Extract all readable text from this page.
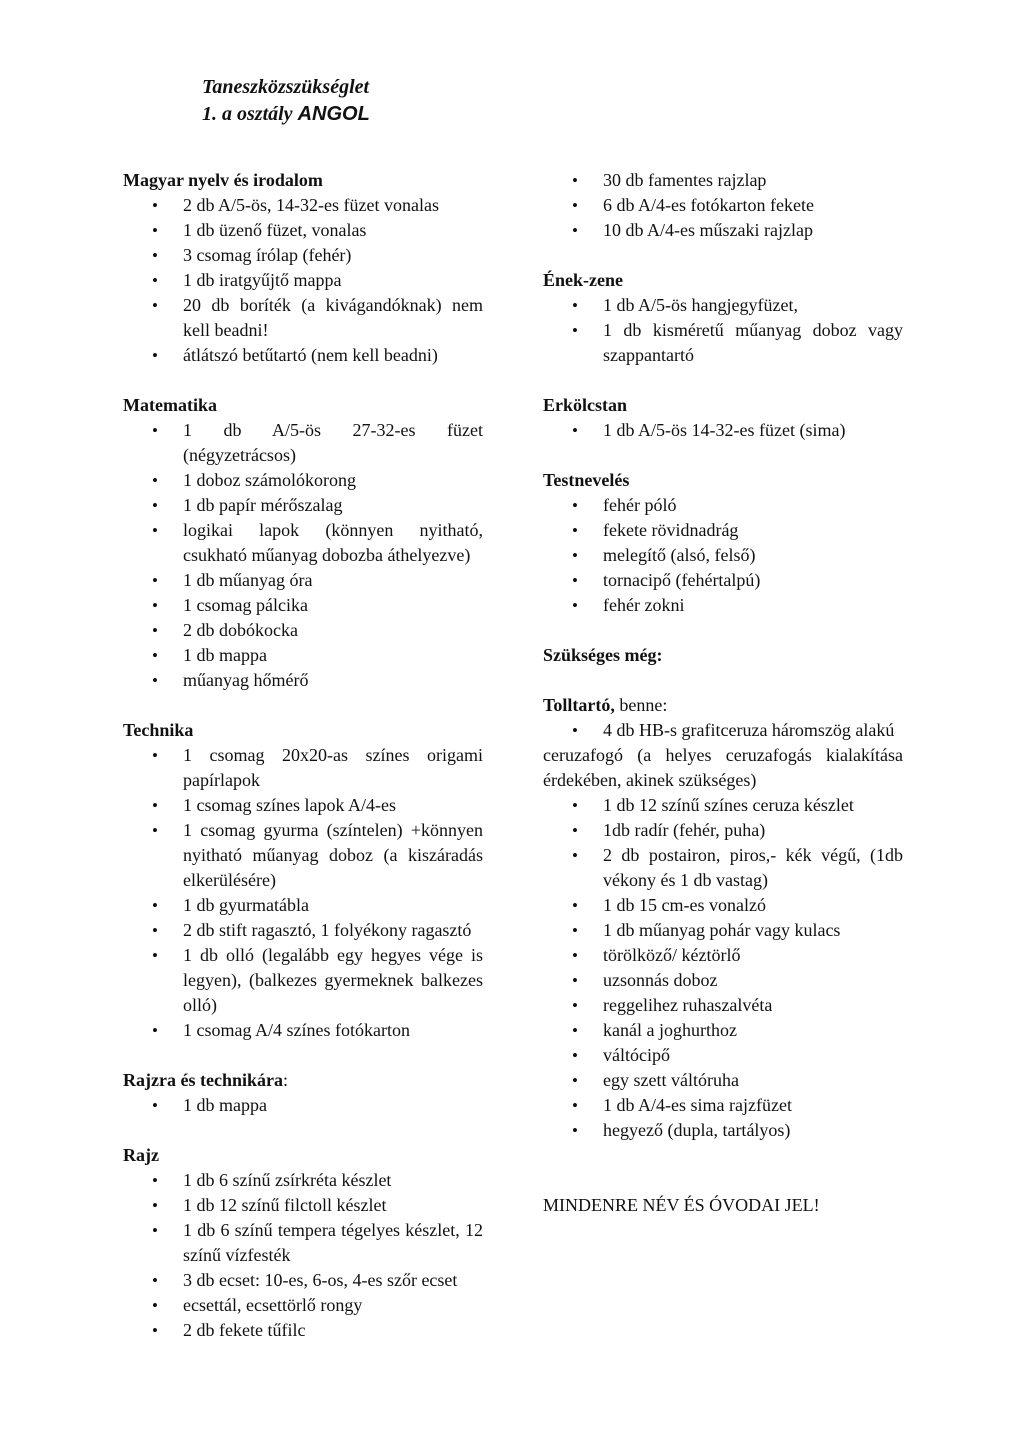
Taneszközszükséglet
1. a osztály ANGOL

Magyar nyelv és irodalom

• 2 db A/5-ös, 14-32-es füzet vonalas
• 1 db üzenő füzet, vonalas
• 3 csomag írólap (fehér)
• 1 db iratgyűjtő mappa
• 20 db boríték (a kivágandóknak) nem kell beadni!
• átlátszó betűtartó (nem kell beadni)

Matematika

• 1 db A/5-ös 27-32-es füzet (négyzetrácsos)
• 1 doboz számolókorong
• 1 db papír mérőszalag
• logikai lapok (könnyen nyitható, csukható műanyag dobozba áthelyezve)
• 1 db műanyag óra
• 1 csomag pálcika
• 2 db dobókocka
• 1 db mappa
• műanyag hőmérő

Technika

• 1 csomag 20x20-as színes origami papírlapok
• 1 csomag színes lapok A/4-es
• 1 csomag gyurma (színtelen) +könnyen nyitható műanyag doboz (a kiszáradás elkerülésére)
• 1 db gyurmatábla
• 2 db stift ragasztó, 1 folyékony ragasztó
• 1 db olló (legalább egy hegyes vége is legyen), (balkezes gyermeknek balkezes olló)
• 1 csomag A/4 színes fotókarton

Rajzra és technikára:

• 1 db mappa

Rajz

• 1 db 6 színű zsírkréta készlet
• 1 db 12 színű filctoll készlet
• 1 db 6 színű tempera tégelyes készlet, 12 színű vízfesték
• 3 db ecset: 10-es, 6-os, 4-es szőr ecset
• ecsettál, ecsettörlő rongy
• 2 db fekete tűfilc
• 30 db famentes rajzlap
• 6 db A/4-es fotókarton fekete
• 10 db A/4-es műszaki rajzlap

Ének-zene

• 1 db A/5-ös hangjegyfüzet,
• 1 db kisméretű műanyag doboz vagy szappantartó

Erkölcstan

• 1 db A/5-ös 14-32-es füzet (sima)

Testnevelés

• fehér póló
• fekete rövidnadrág
• melegítő (alsó, felső)
• tornacipő (fehértalpú)
• fehér zokni

Szükséges még:

Tolltartó, benne:

• 4 db HB-s grafitceruza háromszög alakú

ceruzafogó (a helyes ceruzafogás kialakítása érdekében, akinek szükséges)

• 1 db 12 színű színes ceruza készlet
• 1db radír (fehér, puha)
• 2 db postairon, piros,- kék végű, (1db vékony és 1 db vastag)
• 1 db 15 cm-es vonalzó
• 1 db műanyag pohár vagy kulacs
• törölköző/ kéztörlő
• uzsonnás doboz
• reggelihez ruhaszalvéta
• kanál a joghurthoz
• váltócipő
• egy szett váltóruha
• 1 db A/4-es sima rajzfüzet
• hegyező (dupla, tartályos)

MINDENRE NÉV ÉS ÓVODAI JEL!
